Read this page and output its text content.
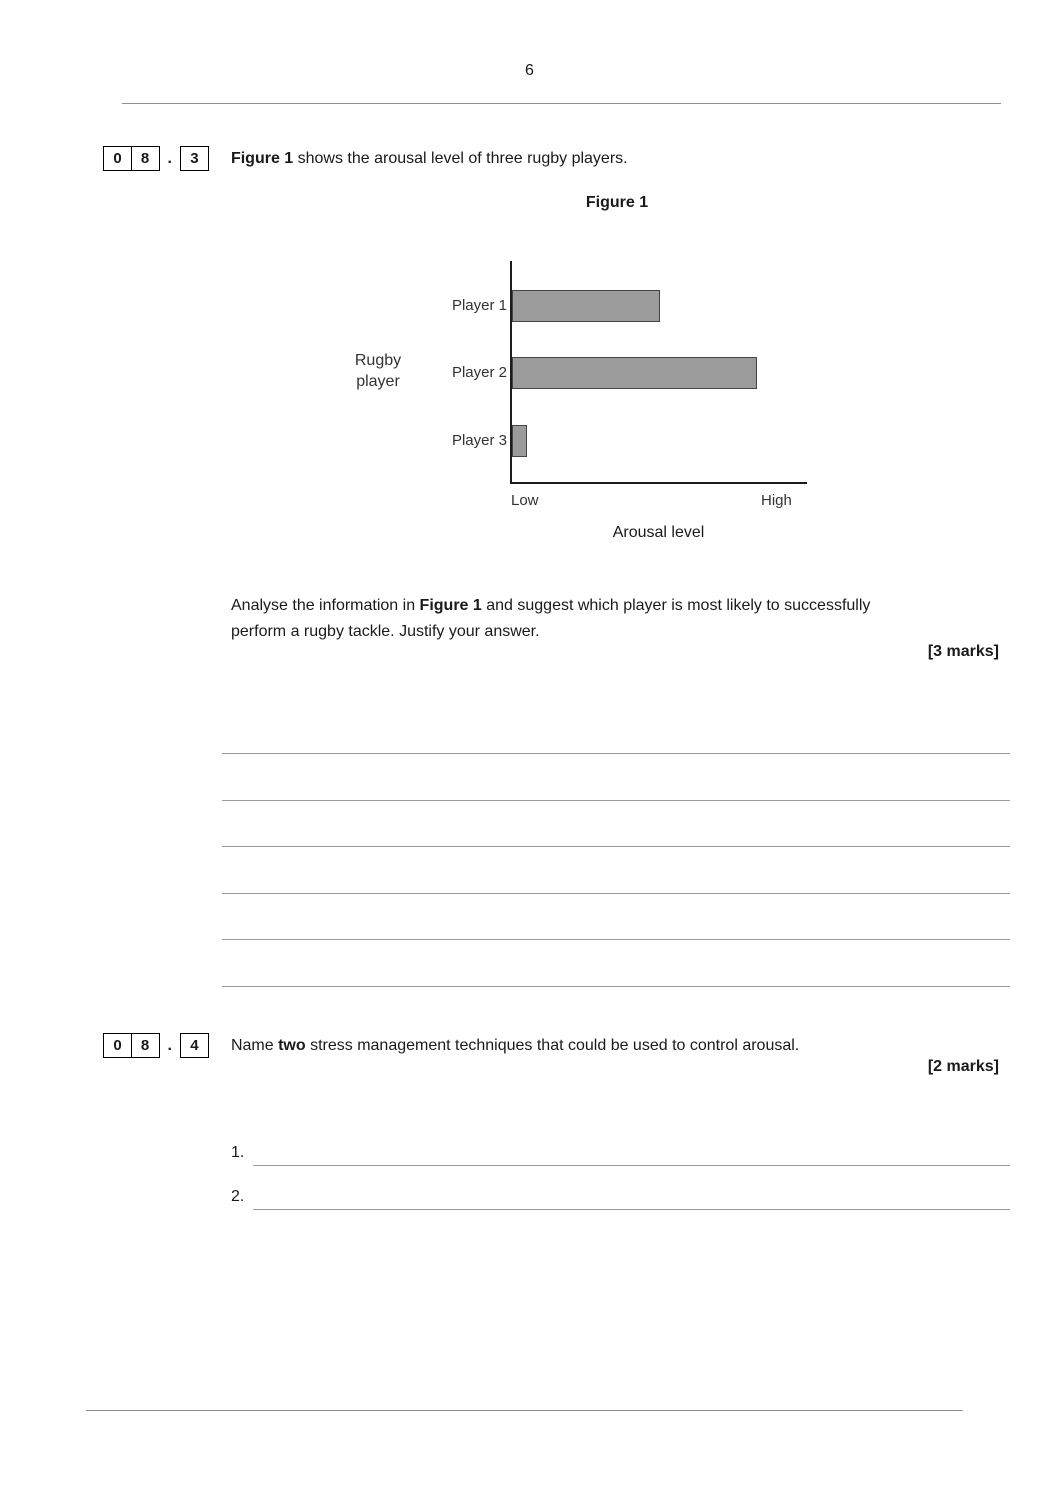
6
0	8	.	3	Figure 1 shows the arousal level of three rugby players.
Figure 1
Rugby
player
Player 1
Player 2
Player 3
Low	High
Arousal level
Analyse the information in Figure 1 and suggest which player is most likely to successfully perform a rugby tackle. Justify your answer.
[3 marks]
0	8	.	4	Name two stress management techniques that could be used to control arousal.
[2 marks]
1.
2.
